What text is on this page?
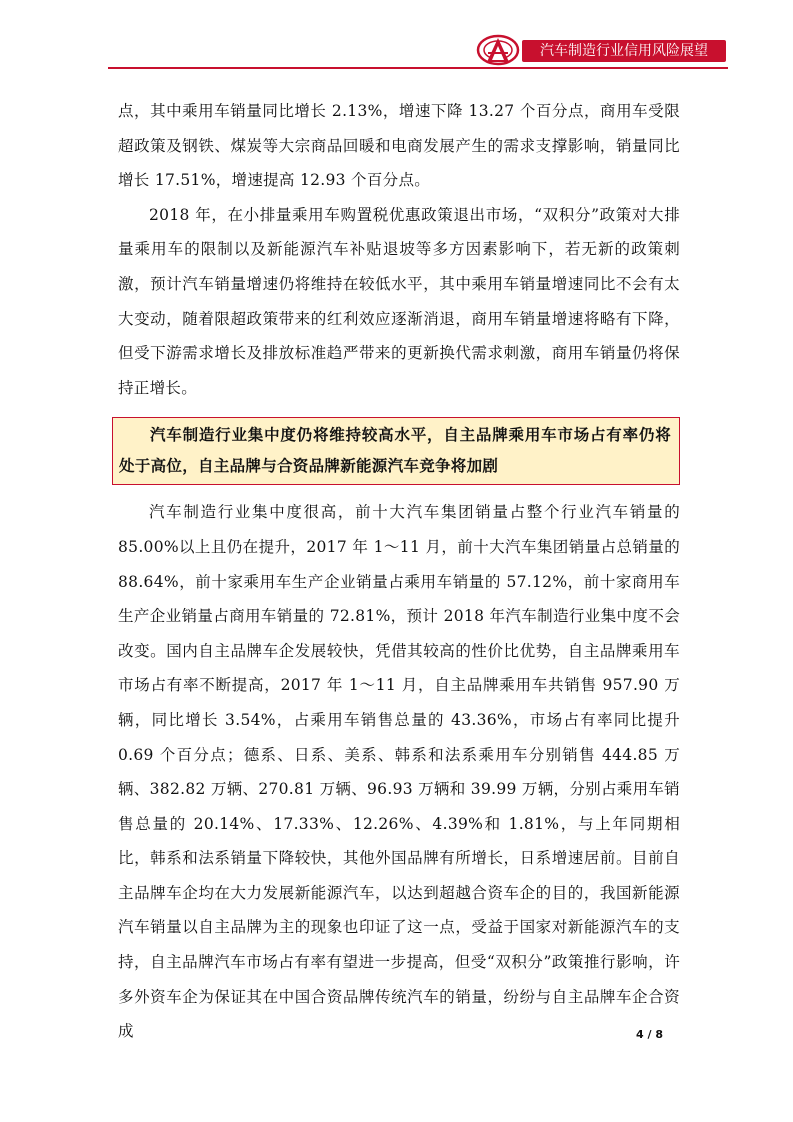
汽车制造行业信用风险展望

点，其中乘用车销量同比增长 2.13%，增速下降 13.27 个百分点，商用车受限超政策及钢铁、煤炭等大宗商品回暖和电商发展产生的需求支撑影响，销量同比增长 17.51%，增速提高 12.93 个百分点。

2018 年，在小排量乘用车购置税优惠政策退出市场，“双积分”政策对大排量乘用车的限制以及新能源汽车补贴退坡等多方因素影响下，若无新的政策刺激，预计汽车销量增速仍将维持在较低水平，其中乘用车销量增速同比不会有太大变动，随着限超政策带来的红利效应逐渐消退，商用车销量增速将略有下降，但受下游需求增长及排放标准趋严带来的更新换代需求刺激，商用车销量仍将保持正增长。

汽车制造行业集中度仍将维持较高水平，自主品牌乘用车市场占有率仍将处于高位，自主品牌与合资品牌新能源汽车竞争将加剧

汽车制造行业集中度很高，前十大汽车集团销量占整个行业汽车销量的 85.00%以上且仍在提升，2017 年 1～11 月，前十大汽车集团销量占总销量的 88.64%，前十家乘用车生产企业销量占乘用车销量的 57.12%，前十家商用车生产企业销量占商用车销量的 72.81%，预计 2018 年汽车制造行业集中度不会改变。国内自主品牌车企发展较快，凭借其较高的性价比优势，自主品牌乘用车市场占有率不断提高，2017 年 1～11 月，自主品牌乘用车共销售 957.90 万辆，同比增长 3.54%，占乘用车销售总量的 43.36%，市场占有率同比提升 0.69 个百分点；德系、日系、美系、韩系和法系乘用车分别销售 444.85 万辆、382.82 万辆、270.81 万辆、96.93 万辆和 39.99 万辆，分别占乘用车销售总量的 20.14%、17.33%、12.26%、4.39%和 1.81%，与上年同期相比，韩系和法系销量下降较快，其他外国品牌有所增长，日系增速居前。目前自主品牌车企均在大力发展新能源汽车，以达到超越合资车企的目的，我国新能源汽车销量以自主品牌为主的现象也印证了这一点，受益于国家对新能源汽车的支持，自主品牌汽车市场占有率有望进一步提高，但受“双积分”政策推行影响，许多外资车企为保证其在中国合资品牌传统汽车的销量，纷纷与自主品牌车企合资成	4 / 8
